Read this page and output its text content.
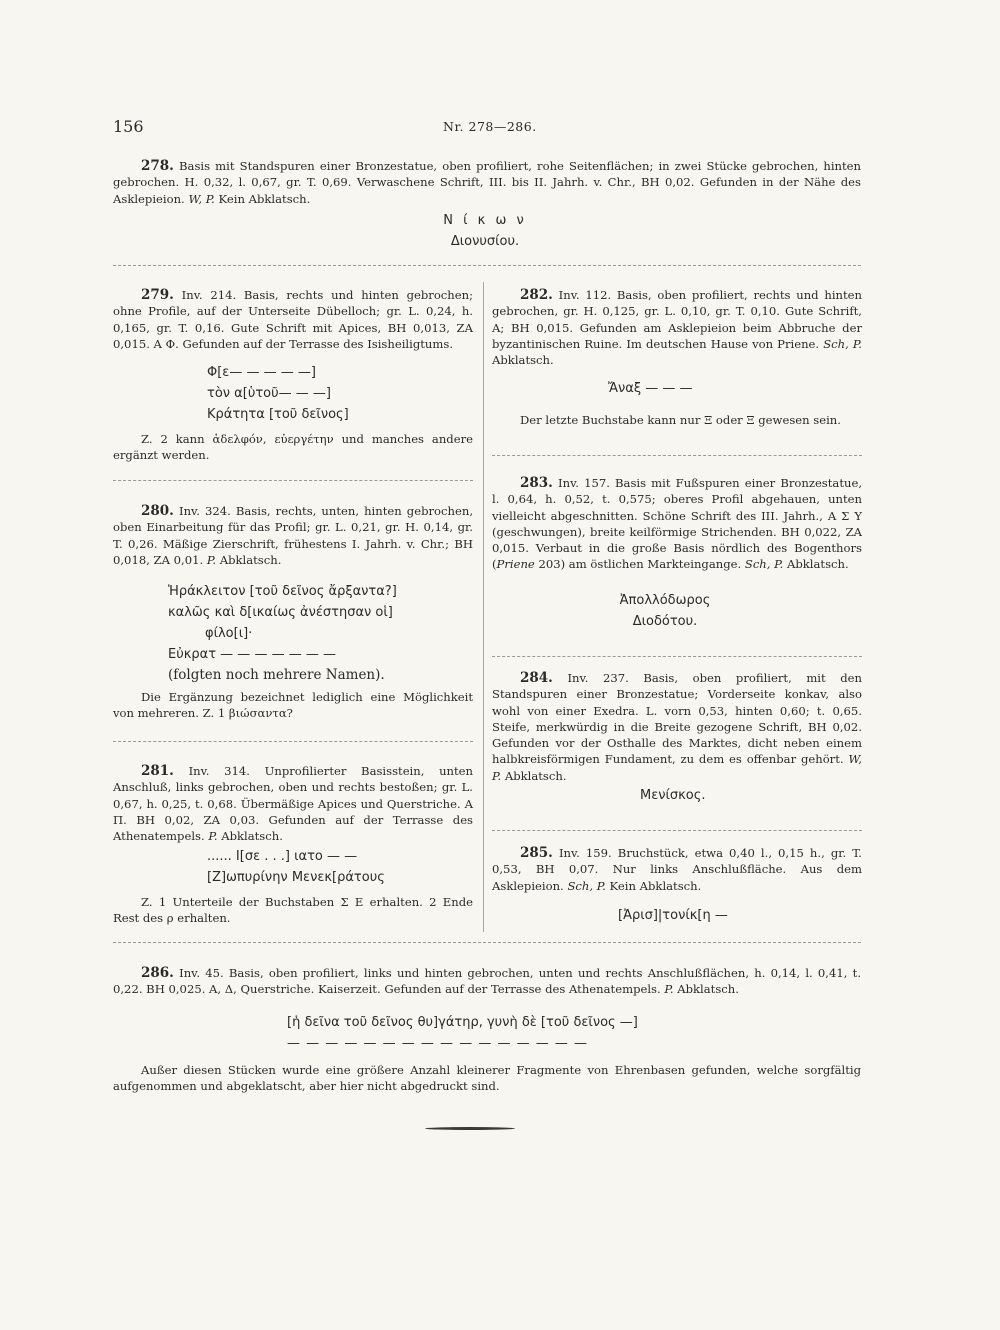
156	Nr. 278—286.
278. Basis mit Standspuren einer Bronzestatue, oben profiliert, rohe Seitenflächen; in zwei Stücke gebrochen, hinten gebrochen. H. 0,32, l. 0,67, gr. T. 0,69. Verwaschene Schrift, III. bis II. Jahrh. v. Chr., BH 0,02. Gefunden in der Nähe des Asklepieion. W, P. Kein Abklatsch.
Ν ί κ ω ν
Διονυσίου.
279. Inv. 214. Basis, rechts und hinten gebrochen; ohne Profile, auf der Unterseite Dübelloch; gr. L. 0,24, h. 0,165, gr. T. 0,16. Gute Schrift mit Apices, BH 0,013, ZA 0,015. Α Φ. Gefunden auf der Terrasse des Isisheiligtums.
Φ[ε— — — — —]
τὸν α[ὑτοῦ— — —]
Κράτητα [τοῦ δεῖνος]
Z. 2 kann ἀδελφόν, εὐεργέτην und manches andere ergänzt werden.
280. Inv. 324. Basis, rechts, unten, hinten gebrochen, oben Einarbeitung für das Profil; gr. L. 0,21, gr. H. 0,14, gr. T. 0,26. Mäßige Zierschrift, frühestens I. Jahrh. v. Chr.; BH 0,018, ZA 0,01. P. Abklatsch.
Ἡράκλειτον [τοῦ δεῖνος ἄρξαντα?]
καλῶς καὶ δ[ικαίως ἀνέστησαν οἱ]
φίλο[ι]·
Εὐκρατ — — — — — — —
(folgten noch mehrere Namen).
Die Ergänzung bezeichnet lediglich eine Möglichkeit von mehreren. Z. 1 βιώσαντα?
281. Inv. 314. Unprofilierter Basisstein, unten Anschluß, links gebrochen, oben und rechts bestoßen; gr. L. 0,67, h. 0,25, t. 0,68. Übermäßige Apices und Querstriche. Α Π. BH 0,02, ZA 0,03. Gefunden auf der Terrasse des Athenatempels. P. Abklatsch.
...... Ι[σε . . .] ιατο — —
[Ζ]ωπυρίνην Μενεκ[ράτους
Z. 1 Unterteile der Buchstaben Σ Ε erhalten. 2 Ende Rest des ρ erhalten.
282. Inv. 112. Basis, oben profiliert, rechts und hinten gebrochen, gr. H. 0,125, gr. L. 0,10, gr. T. 0,10. Gute Schrift, A; BH 0,015. Gefunden am Asklepieion beim Abbruche der byzantinischen Ruine. Im deutschen Hause von Priene. Sch, P. Abklatsch.
Ἄναξ — — —
Der letzte Buchstabe kann nur Ξ oder Ξ gewesen sein.
283. Inv. 157. Basis mit Fußspuren einer Bronzestatue, l. 0,64, h. 0,52, t. 0,575; oberes Profil abgehauen, unten vielleicht abgeschnitten. Schöne Schrift des III. Jahrh., Α Σ Υ (geschwungen), breite keilförmige Strichenden. BH 0,022, ZA 0,015. Verbaut in die große Basis nördlich des Bogenthors (Priene 203) am östlichen Markteingange. Sch, P. Abklatsch.
Ἀπολλόδωρος
Διοδότου.
284. Inv. 237. Basis, oben profiliert, mit den Standspuren einer Bronzestatue; Vorderseite konkav, also wohl von einer Exedra. L. vorn 0,53, hinten 0,60; t. 0,65. Steife, merkwürdig in die Breite gezogene Schrift, BH 0,02. Gefunden vor der Osthalle des Marktes, dicht neben einem halbkreisförmigen Fundament, zu dem es offenbar gehört. W, P. Abklatsch.
Μενίσκος.
285. Inv. 159. Bruchstück, etwa 0,40 l., 0,15 h., gr. T. 0,53, BH 0,07. Nur links Anschlußfläche. Aus dem Asklepieion. Sch, P. Kein Abklatsch.
[Ἀρισ]|τονίκ[η —
286. Inv. 45. Basis, oben profiliert, links und hinten gebrochen, unten und rechts Anschlußflächen, h. 0,14, l. 0,41, t. 0,22. BH 0,025. A, Δ, Querstriche. Kaiserzeit. Gefunden auf der Terrasse des Athenatempels. P. Abklatsch.
[ἡ δεῖνα τοῦ δεῖνος θυ]γάτηρ, γυνὴ δὲ [τοῦ δεῖνος —]
— — — — — — — — — — — — — — — —
Außer diesen Stücken wurde eine größere Anzahl kleinerer Fragmente von Ehrenbasen gefunden, welche sorgfältig aufgenommen und abgeklatscht, aber hier nicht abgedruckt sind.
